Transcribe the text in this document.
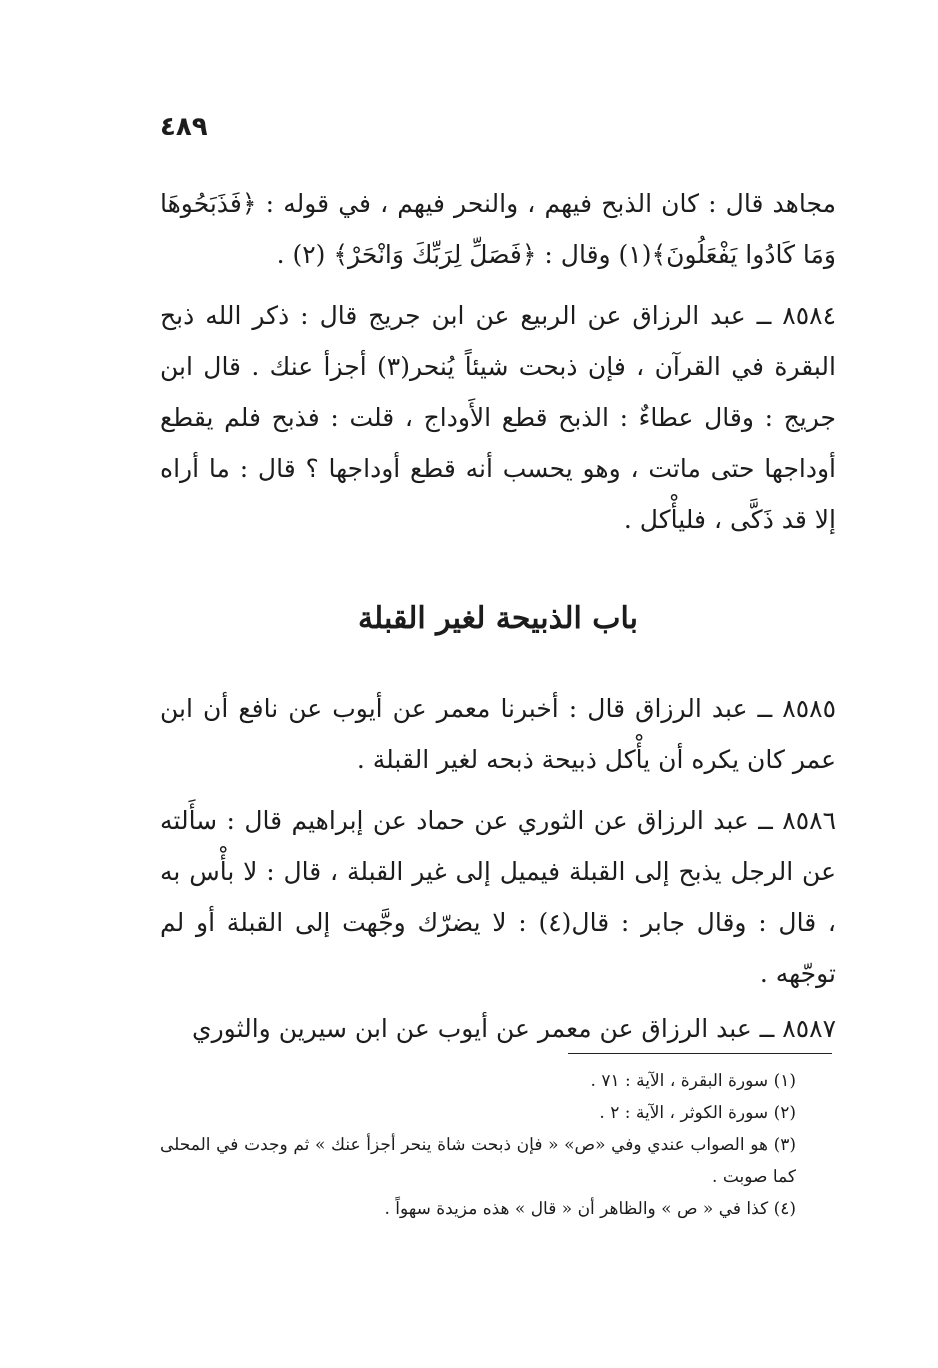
٤٨٩

مجاهد قال : كان الذبح فيهم ، والنحر فيهم ، في قوله : ﴿فَذَبَحُوهَا وَمَا كَادُوا يَفْعَلُونَ﴾(١) وقال : ﴿فَصَلِّ لِرَبِّكَ وَانْحَرْ﴾ (٢) .

٨٥٨٤ ــ عبد الرزاق عن الربيع عن ابن جريج قال : ذكر الله ذبح البقرة في القرآن ، فإن ذبحت شيئاً يُنحر(٣) أجزأ عنك . قال ابن جريج : وقال عطاءٌ : الذبح قطع الأَوداج ، قلت : فذبح فلم يقطع أوداجها حتى ماتت ، وهو يحسب أنه قطع أوداجها ؟ قال : ما أراه إلا قد ذَكَّى ، فليأْكل .

باب الذبيحة لغير القبلة

٨٥٨٥ ــ عبد الرزاق قال : أخبرنا معمر عن أيوب عن نافع أن ابن عمر كان يكره أن يأْكل ذبيحة ذبحه لغير القبلة .

٨٥٨٦ ــ عبد الرزاق عن الثوري عن حماد عن إبراهيم قال : سأَلته عن الرجل يذبح إلى القبلة فيميل إلى غير القبلة ، قال : لا بأْس به ، قال : وقال جابر : قال(٤) : لا يضرّك وجَّهت إلى القبلة أو لم توجّهه .

٨٥٨٧ ــ عبد الرزاق عن معمر عن أيوب عن ابن سيرين والثوري

(١) سورة البقرة ، الآية : ٧١ .

(٢) سورة الكوثر ، الآية : ٢ .

(٣) هو الصواب عندي وفي «ص» « فإن ذبحت شاة ينحر أجزأ عنك » ثم وجدت في المحلى كما صوبت .

(٤) كذا في « ص » والظاهر أن « قال » هذه مزيدة سهواً .
